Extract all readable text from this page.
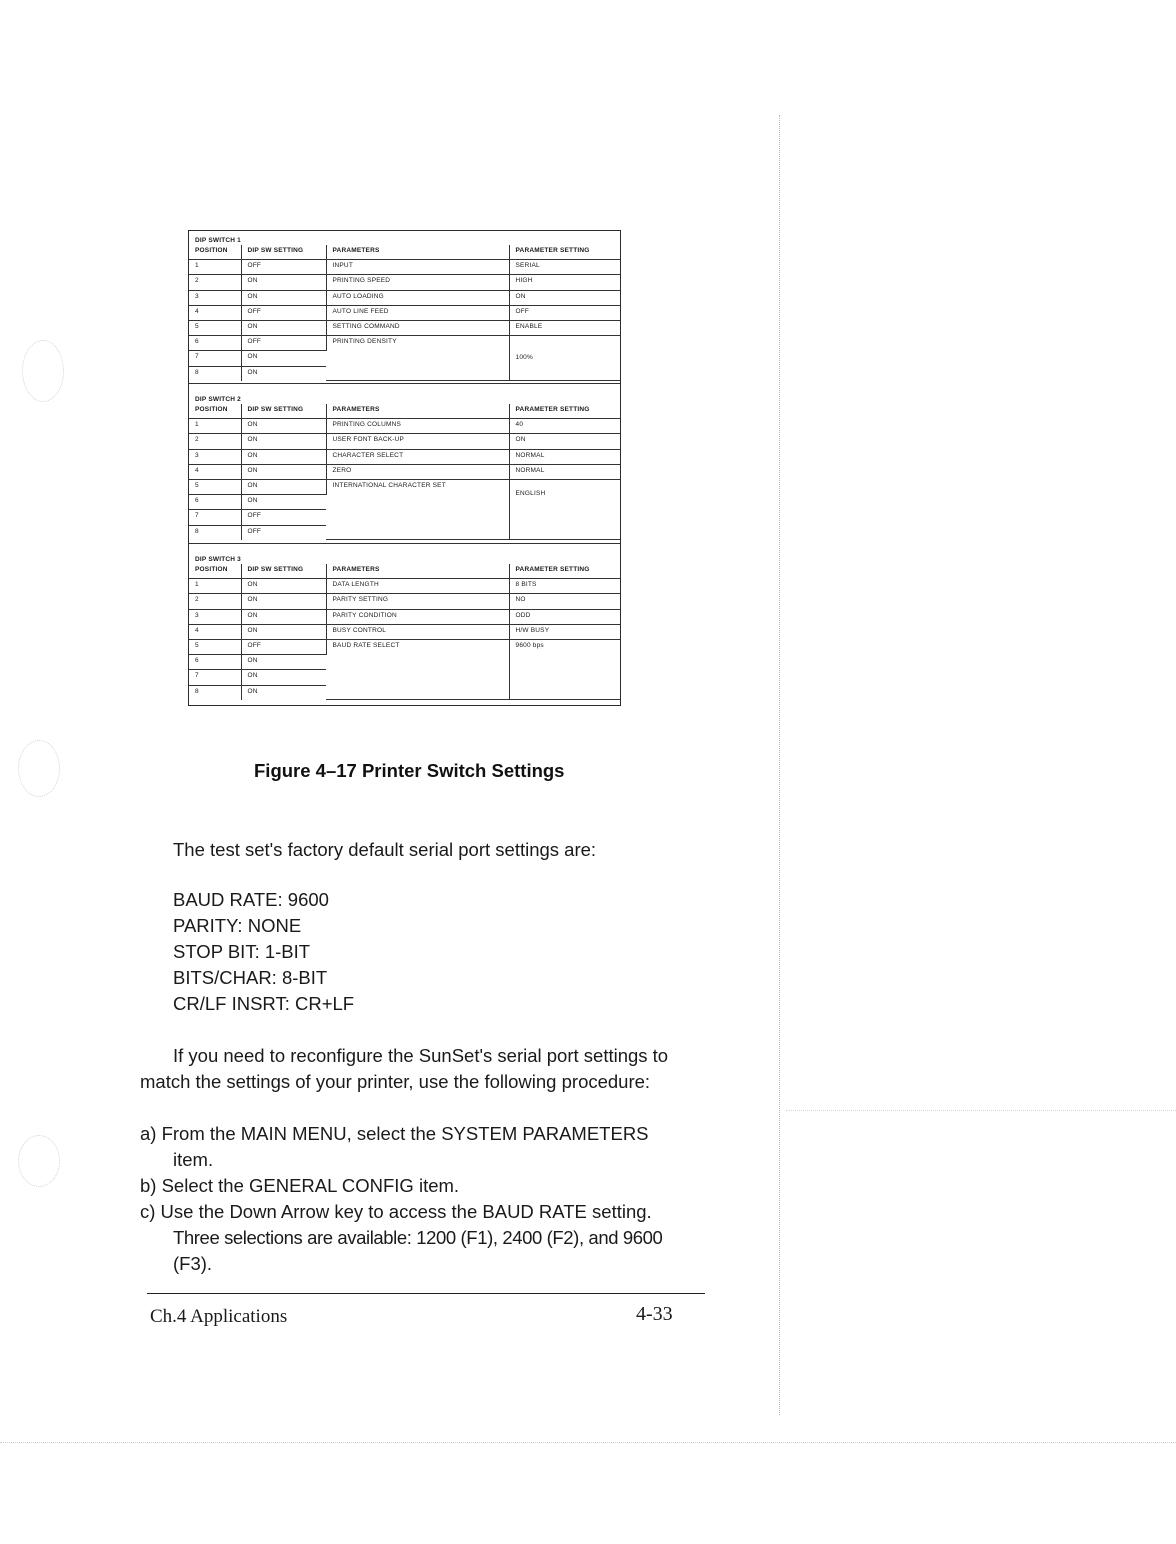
DIP SWITCH 1
POSITION	DIP SW SETTING	PARAMETERS	PARAMETER SETTING
1	OFF	INPUT	SERIAL
2	ON	PRINTING SPEED	HIGH
3	ON	AUTO LOADING	ON
4	OFF	AUTO LINE FEED	OFF
5	ON	SETTING COMMAND	ENABLE
6	OFF	PRINTING DENSITY	100%
7	ON		
8	ON		
DIP SWITCH 2
POSITION	DIP SW SETTING	PARAMETERS	PARAMETER SETTING
1	ON	PRINTING COLUMNS	40
2	ON	USER FONT BACK-UP	ON
3	ON	CHARACTER SELECT	NORMAL
4	ON	ZERO	NORMAL
5	ON	INTERNATIONAL CHARACTER SET	ENGLISH
6	ON		
7	OFF		
8	OFF		
DIP SWITCH 3
POSITION	DIP SW SETTING	PARAMETERS	PARAMETER SETTING
1	ON	DATA LENGTH	8 BITS
2	ON	PARITY SETTING	NO
3	ON	PARITY CONDITION	ODD
4	ON	BUSY CONTROL	H/W BUSY
5	OFF	BAUD RATE SELECT	9600 bps
6	ON		
7	ON		
8	ON		
Figure 4–17 Printer Switch Settings
The test set's factory default serial port settings are:

BAUD RATE: 9600

PARITY: NONE

STOP BIT: 1-BIT

BITS/CHAR: 8-BIT

CR/LF INSRT: CR+LF

If you need to reconfigure the SunSet's serial port settings to
match the settings of your printer, use the following procedure:
a) From the MAIN MENU, select the SYSTEM PARAMETERS
item.
b) Select the GENERAL CONFIG item.
c) Use the Down Arrow key to access the BAUD RATE setting.
Three selections are available: 1200 (F1), 2400 (F2), and 9600
(F3).
Ch.4 Applications	4-33
